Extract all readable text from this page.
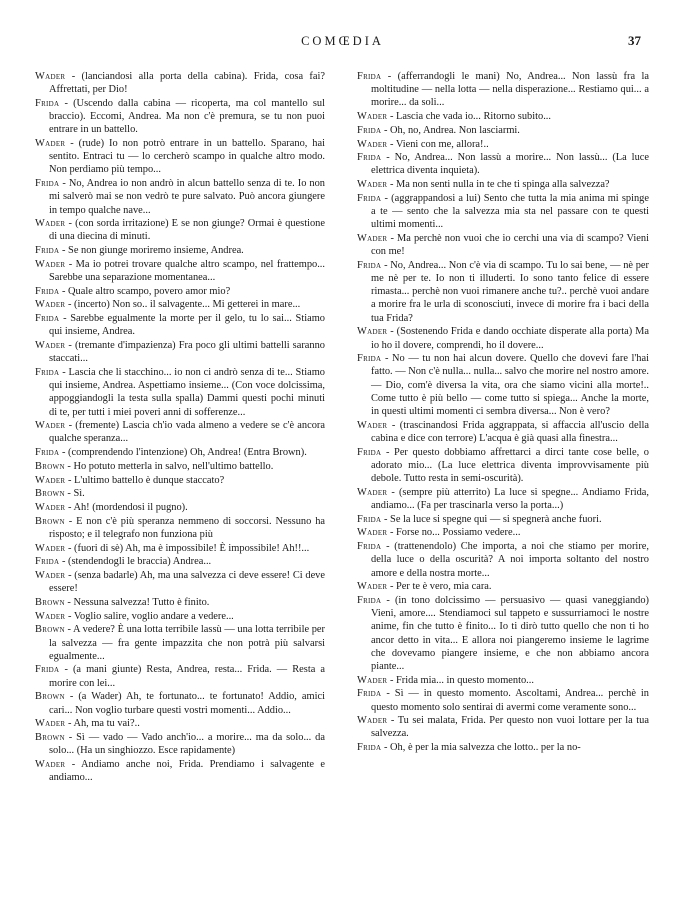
COMŒDIA	37

Wader - (lanciandosi alla porta della cabina). Frida, cosa fai? Affrettati, per Dio!

Frida - (Uscendo dalla cabina — ricoperta, ma col mantello sul braccio). Eccomi, Andrea. Ma non c'è premura, se tu non puoi entrare in un battello.

Wader - (rude) Io non potrò entrare in un battello. Sparano, hai sentito. Entraci tu — lo cercherò scampo in qualche altro modo. Non perdiamo più tempo...

Frida - No, Andrea io non andrò in alcun battello senza di te. Io non mi salverò mai se non vedrò te pure salvato. Può ancora giungere in tempo qualche nave...

Wader - (con sorda irritazione) E se non giunge? Ormai è questione di una diecina di minuti.

Frida - Se non giunge moriremo insieme, Andrea.

Wader - Ma io potrei trovare qualche altro scampo, nel frattempo... Sarebbe una separazione momentanea...

Frida - Quale altro scampo, povero amor mio?

Wader - (incerto) Non so.. il salvagente... Mi getterei in mare...

Frida - Sarebbe egualmente la morte per il gelo, tu lo sai... Stiamo qui insieme, Andrea.

Wader - (tremante d'impazienza) Fra poco gli ultimi battelli saranno staccati...

Frida - Lascia che li stacchino... io non ci andrò senza di te... Stiamo qui insieme, Andrea. Aspettiamo insieme... (Con voce dolcissima, appoggiandogli la testa sulla spalla) Dammi questi pochi minuti di te, per tutti i miei poveri anni di sofferenze...

Wader - (fremente) Lascia ch'io vada almeno a vedere se c'è ancora qualche speranza...

Frida - (comprendendo l'intenzione) Oh, Andrea! (Entra Brown).

Brown - Ho potuto metterla in salvo, nell'ultimo battello.

Wader - L'ultimo battello è dunque staccato?

Brown - Sì.

Wader - Ah! (mordendosi il pugno).

Brown - E non c'è più speranza nemmeno di soccorsi. Nessuno ha risposto; e il telegrafo non funziona più

Wader - (fuori di sè) Ah, ma è impossibile! È impossibile! Ah!!...

Frida - (stendendogli le braccia) Andrea...

Wader - (senza badarle) Ah, ma una salvezza ci deve essere! Ci deve essere!

Brown - Nessuna salvezza! Tutto è finito.

Wader - Voglio salire, voglio andare a vedere...

Brown - A vedere? È una lotta terribile lassù — una lotta terribile per la salvezza — fra gente impazzita che non potrà più salvarsi egualmente...

Frida - (a mani giunte) Resta, Andrea, resta... Frida. — Resta a morire con lei...

Brown - (a Wader) Ah, te fortunato... te fortunato! Addio, amici cari... Non voglio turbare questi vostri momenti... Addio...

Wader - Ah, ma tu vai?..

Brown - Sì — vado — Vado anch'io... a morire... ma da solo... da solo... (Ha un singhiozzo. Esce rapidamente)

Wader - Andiamo anche noi, Frida. Prendiamo i salvagente e andiamo...

Frida - (afferrandogli le mani) No, Andrea... Non lassù fra la moltitudine — nella lotta — nella disperazione... Restiamo qui... a morire... da soli...

Wader - Lascia che vada io... Ritorno subito...

Frida - Oh, no, Andrea. Non lasciarmi.

Wader - Vieni con me, allora!..

Frida - No, Andrea... Non lassù a morire... Non lassù... (La luce elettrica diventa inquieta).

Wader - Ma non senti nulla in te che ti spinga alla salvezza?

Frida - (aggrappandosi a lui) Sento che tutta la mia anima mi spinge a te — sento che la salvezza mia sta nel passare con te questi ultimi momenti...

Wader - Ma perchè non vuoi che io cerchi una via di scampo? Vieni con me!

Frida - No, Andrea... Non c'è via di scampo. Tu lo sai bene, — nè per me nè per te. Io non ti illuderti. Io sono tanto felice di essere rimasta... perchè non vuoi rimanere anche tu?.. perchè vuoi andare a morire fra le urla di sconosciuti, invece di morire fra i baci della tua Frida?

Wader - (Sostenendo Frida e dando occhiate disperate alla porta) Ma io ho il dovere, comprendi, ho il dovere...

Frida - No — tu non hai alcun dovere. Quello che dovevi fare l'hai fatto. — Non c'è nulla... nulla... salvo che morire nel nostro amore. — Dio, com'è diversa la vita, ora che siamo vicini alla morte!.. Come tutto è più bello — come tutto si spiega... Anche la morte, in questi ultimi momenti ci sembra diversa... Non è vero?

Wader - (trascinandosi Frida aggrappata, si affaccia all'uscio della cabina e dice con terrore) L'acqua è già quasi alla finestra...

Frida - Per questo dobbiamo affrettarci a dirci tante cose belle, o adorato mio... (La luce elettrica diventa improvvisamente più debole. Tutto resta in semi-oscurità).

Wader - (sempre più atterrito) La luce si spegne... Andiamo Frida, andiamo... (Fa per trascinarla verso la porta...)

Frida - Se la luce si spegne qui — si spegnerà anche fuori.

Wader - Forse no... Possiamo vedere...

Frida - (trattenendolo) Che importa, a noi che stiamo per morire, della luce o della oscurità? A noi importa soltanto del nostro amore e della nostra morte...

Wader - Per te è vero, mia cara.

Frida - (in tono dolcissimo — persuasivo — quasi vaneggiando) Vieni, amore.... Stendiamoci sul tappeto e sussurriamoci le nostre anime, fin che tutto è finito... Io ti dirò tutto quello che non ti ho ancor detto in vita... E allora noi piangeremo insieme le lagrime che dovevamo piangere insieme, e che non abbiamo ancora piante...

Wader - Frida mia... in questo momento...

Frida - Sì — in questo momento. Ascoltami, Andrea... perchè in questo momento solo sentirai di avermi come veramente sono...

Wader - Tu sei malata, Frida. Per questo non vuoi lottare per la tua salvezza.

Frida - Oh, è per la mia salvezza che lotto.. per la no-
